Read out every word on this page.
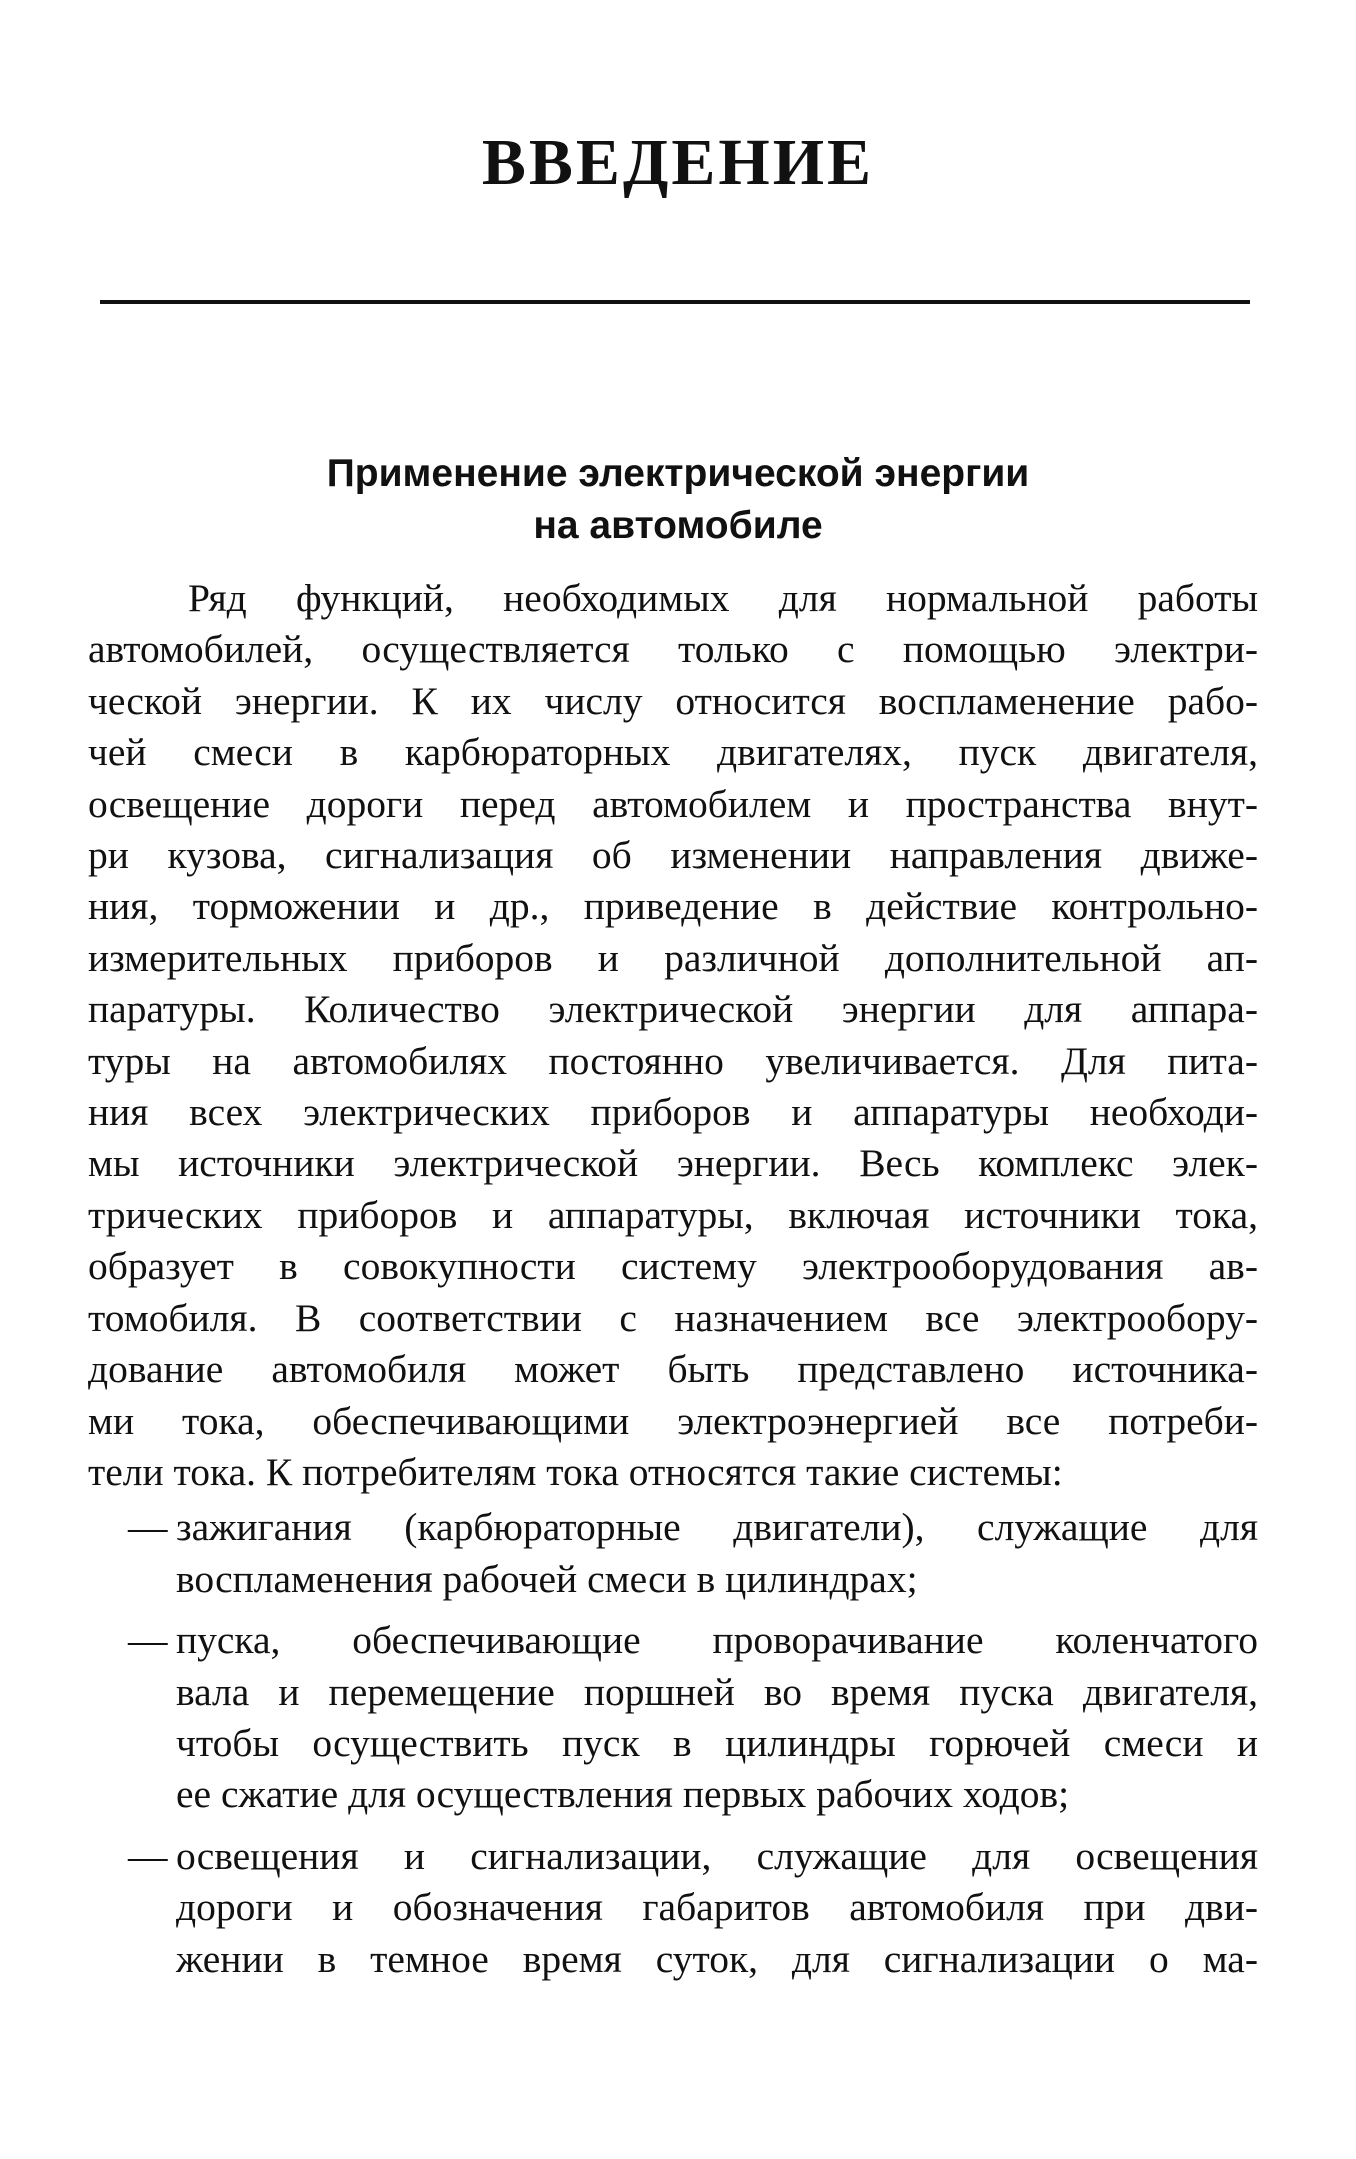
ВВЕДЕНИЕ
Применение электрической энергии
на автомобиле
Ряд функций, необходимых для нормальной работы
автомобилей, осуществляется только с помощью электри-
ческой энергии. К их числу относится воспламенение рабо-
чей смеси в карбюраторных двигателях, пуск двигателя,
освещение дороги перед автомобилем и пространства внут-
ри кузова, сигнализация об изменении направления движе-
ния, торможении и др., приведение в действие контрольно-
измерительных приборов и различной дополнительной ап-
паратуры. Количество электрической энергии для аппара-
туры на автомобилях постоянно увеличивается. Для пита-
ния всех электрических приборов и аппаратуры необходи-
мы источники электрической энергии. Весь комплекс элек-
трических приборов и аппаратуры, включая источники тока,
образует в совокупности систему электрооборудования ав-
томобиля. В соответствии с назначением все электрообору-
дование автомобиля может быть представлено источника-
ми тока, обеспечивающими электроэнергией все потреби-
тели тока. К потребителям тока относятся такие системы:
— зажигания (карбюраторные двигатели), служащие для
воспламенения рабочей смеси в цилиндрах;
— пуска, обеспечивающие проворачивание коленчатого
вала и перемещение поршней во время пуска двигателя,
чтобы осуществить пуск в цилиндры горючей смеси и
ее сжатие для осуществления первых рабочих ходов;
— освещения и сигнализации, служащие для освещения
дороги и обозначения габаритов автомобиля при дви-
жении в темное время суток, для сигнализации о ма-
